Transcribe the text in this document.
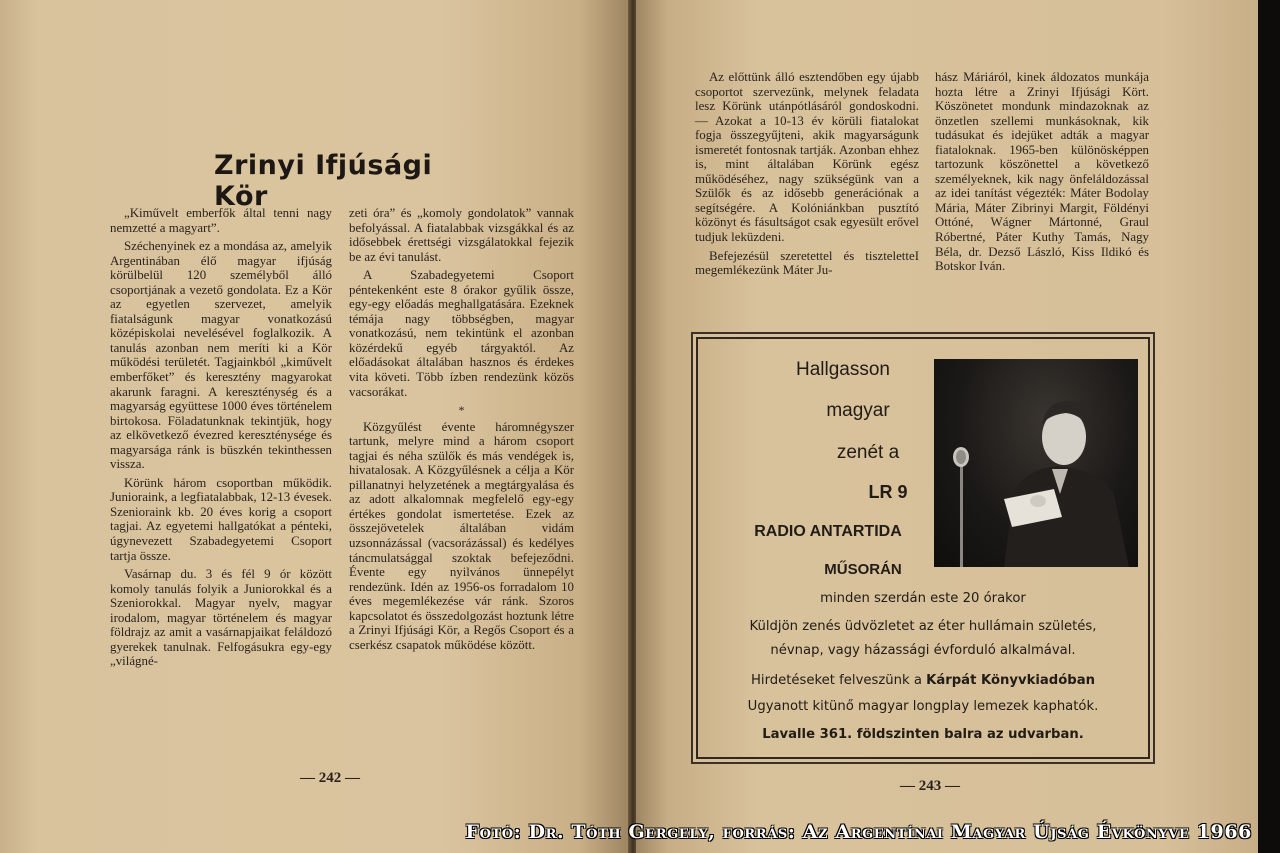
Zrinyi Ifjúsági Kör

„Kiművelt emberfők által tenni nagy nemzetté a magyart”.

Széchenyinek ez a mondása az, amelyik Argentinában élő magyar ifjúság körülbelül 120 személyből álló csoportjának a vezető gondolata. Ez a Kör az egyetlen szervezet, amelyik fiatalságunk magyar vonatkozású középiskolai nevelésével foglalkozik. A tanulás azonban nem meríti ki a Kör működési területét. Tagjainkból „kiművelt emberfőket” és keresztény magyarokat akarunk faragni. A kereszténység és a magyarság együttese 1000 éves történelem birtokosa. Föladatunknak tekintjük, hogy az elkövetkező évezred kereszténysége és magyarsága ránk is büszkén tekinthessen vissza.

Körünk három csoportban működik. Junioraink, a legfiatalabbak, 12-13 évesek. Szenioraink kb. 20 éves korig a csoport tagjai. Az egyetemi hallgatókat a pénteki, úgynevezett Szabadegyetemi Csoport tartja össze.

Vasárnap du. 3 és fél 9 ór között komoly tanulás folyik a Juniorokkal és a Szeniorokkal. Magyar nyelv, magyar irodalom, magyar történelem és magyar földrajz az amit a vasárnapjaikat feláldozó gyerekek tanulnak. Felfogásukra egy-egy „világné-

zeti óra” és „komoly gondolatok” vannak befolyással. A fiatalabbak vizsgákkal és az idősebbek érettségi vizsgálatokkal fejezik be az évi tanulást.

A Szabadegyetemi Csoport péntekenként este 8 órakor gyűlik össze, egy-egy előadás meghallgatására. Ezeknek témája nagy többségben, magyar vonatkozású, nem tekintünk el azonban közérdekű egyéb tárgyaktól. Az előadásokat általában hasznos és érdekes vita követi. Több ízben rendezünk közös vacsorákat.

*

Közgyűlést évente háromnégyszer tartunk, melyre mind a három csoport tagjai és néha szülők és más vendégek is, hivatalosak. A Közgyűlésnek a célja a Kör pillanatnyi helyzetének a megtárgyalása és az adott alkalomnak megfelelő egy-egy értékes gondolat ismertetése. Ezek az összejövetelek általában vidám uzsonnázással (vacsorázással) és kedélyes táncmulatsággal szoktak befejeződni. Évente egy nyilvános ünnepélyt rendezünk. Idén az 1956-os forradalom 10 éves megemlékezése vár ránk. Szoros kapcsolatot és összedolgozást hoztunk létre a Zrinyi Ifjúsági Kör, a Regős Csoport és a cserkész csapatok működése között.

— 242 —

Az előttünk álló esztendőben egy újabb csoportot szervezünk, melynek feladata lesz Körünk utánpótlásáról gondoskodni. — Azokat a 10-13 év körüli fiatalokat fogja összegyűjteni, akik magyarságunk ismeretét fontosnak tartják. Azonban ehhez is, mint általában Körünk egész működéséhez, nagy szükségünk van a Szülők és az idősebb generációnak a segítségére. A Kolóniánkban pusztító közönyt és fásultságot csak egyesült erővel tudjuk leküzdeni.

Befejezésül szeretettel és tiszteletteI megemlékezünk Máter Ju-

hász Máriáról, kinek áldozatos munkája hozta létre a Zrinyi Ifjúsági Kört. Köszönetet mondunk mindazoknak az önzetlen szellemi munkásoknak, kik tudásukat és idejüket adták a magyar fiataloknak. 1965-ben különösképpen tartozunk köszönettel a következő személyeknek, kik nagy önfeláldozással az idei tanítást végezték: Máter Bodolay Mária, Máter Zibrinyi Margit, Földényi Ottóné, Wágner Mártonné, Graul Róbertné, Páter Kuthy Tamás, Nagy Béla, dr. Dezső László, Kiss Ildikó és Botskor Iván.

Hallgasson
magyar
zenét a
LR 9
RADIO ANTARTIDA
MŰSORÁN
minden szerdán este 20 órakor
Küldjön zenés üdvözletet az éter hullámain születés,
névnap, vagy házassági évforduló alkalmával.
Hirdetéseket felveszünk a Kárpát Könyvkiadóban
Ugyanott kitünő magyar longplay lemezek kaphatók.
Lavalle 361. földszinten balra az udvarban.
— 243 —
Fotó: Dr. Tóth Gergely, forrás: Az Argentínai Magyar Újság Évkönyve 1966
